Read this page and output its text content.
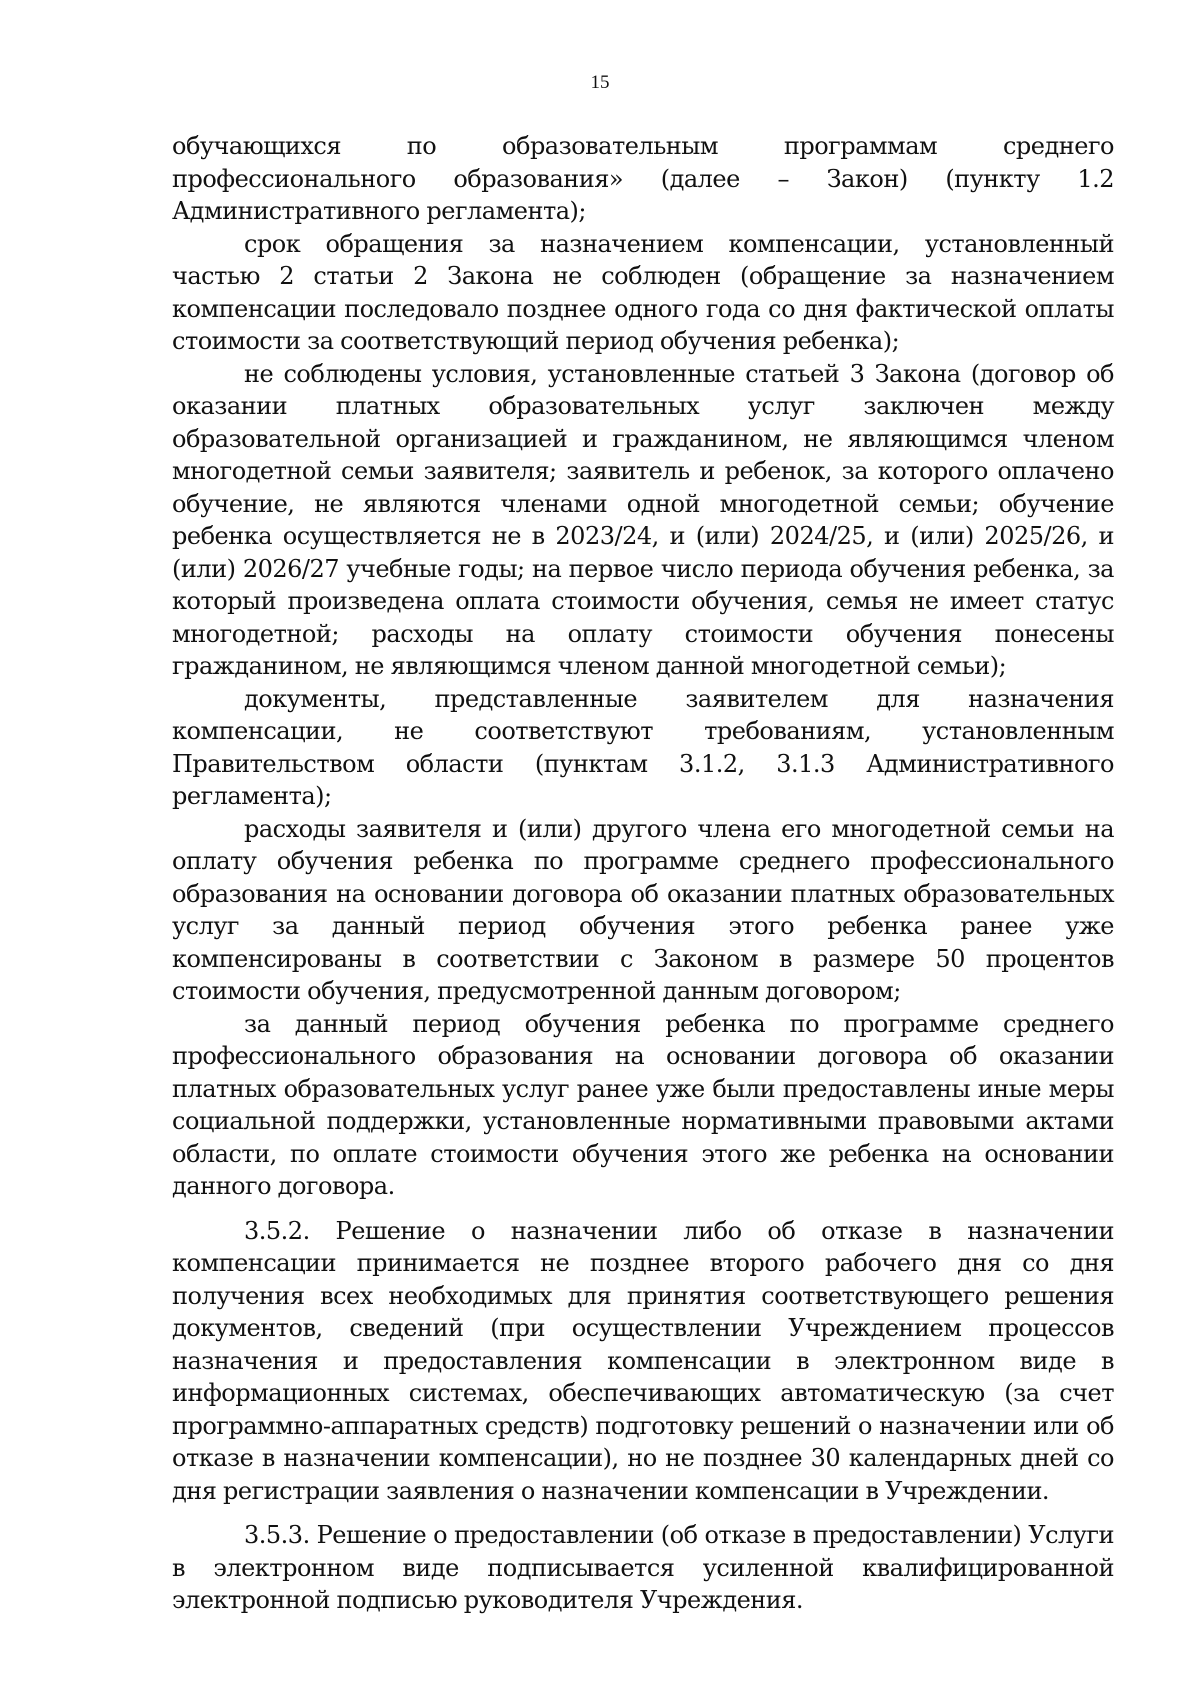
15

обучающихся по образовательным программам среднего профессионального образования» (далее – Закон) (пункту 1.2 Административного регламента);

срок обращения за назначением компенсации, установленный частью 2 статьи 2 Закона не соблюден (обращение за назначением компенсации последовало позднее одного года со дня фактической оплаты стоимости за соответствующий период обучения ребенка);

не соблюдены условия, установленные статьей 3 Закона (договор об оказании платных образовательных услуг заключен между образовательной организацией и гражданином, не являющимся членом многодетной семьи заявителя; заявитель и ребенок, за которого оплачено обучение, не являются членами одной многодетной семьи; обучение ребенка осуществляется не в 2023/24, и (или) 2024/25, и (или) 2025/26, и (или) 2026/27 учебные годы; на первое число периода обучения ребенка, за который произведена оплата стоимости обучения, семья не имеет статус многодетной; расходы на оплату стоимости обучения понесены гражданином, не являющимся членом данной многодетной семьи);

документы, представленные заявителем для назначения компенсации, не соответствуют требованиям, установленным Правительством области (пунктам 3.1.2, 3.1.3 Административного регламента);

расходы заявителя и (или) другого члена его многодетной семьи на оплату обучения ребенка по программе среднего профессионального образования на основании договора об оказании платных образовательных услуг за данный период обучения этого ребенка ранее уже компенсированы в соответствии с Законом в размере 50 процентов стоимости обучения, предусмотренной данным договором;

за данный период обучения ребенка по программе среднего профессионального образования на основании договора об оказании платных образовательных услуг ранее уже были предоставлены иные меры социальной поддержки, установленные нормативными правовыми актами области, по оплате стоимости обучения этого же ребенка на основании данного договора.

3.5.2. Решение о назначении либо об отказе в назначении компенсации принимается не позднее второго рабочего дня со дня получения всех необходимых для принятия соответствующего решения документов, сведений (при осуществлении Учреждением процессов назначения и предоставления компенсации в электронном виде в информационных системах, обеспечивающих автоматическую (за счет программно-аппаратных средств) подготовку решений о назначении или об отказе в назначении компенсации), но не позднее 30 календарных дней со дня регистрации заявления о назначении компенсации в Учреждении.

3.5.3. Решение о предоставлении (об отказе в предоставлении) Услуги в электронном виде подписывается усиленной квалифицированной электронной подписью руководителя Учреждения.
